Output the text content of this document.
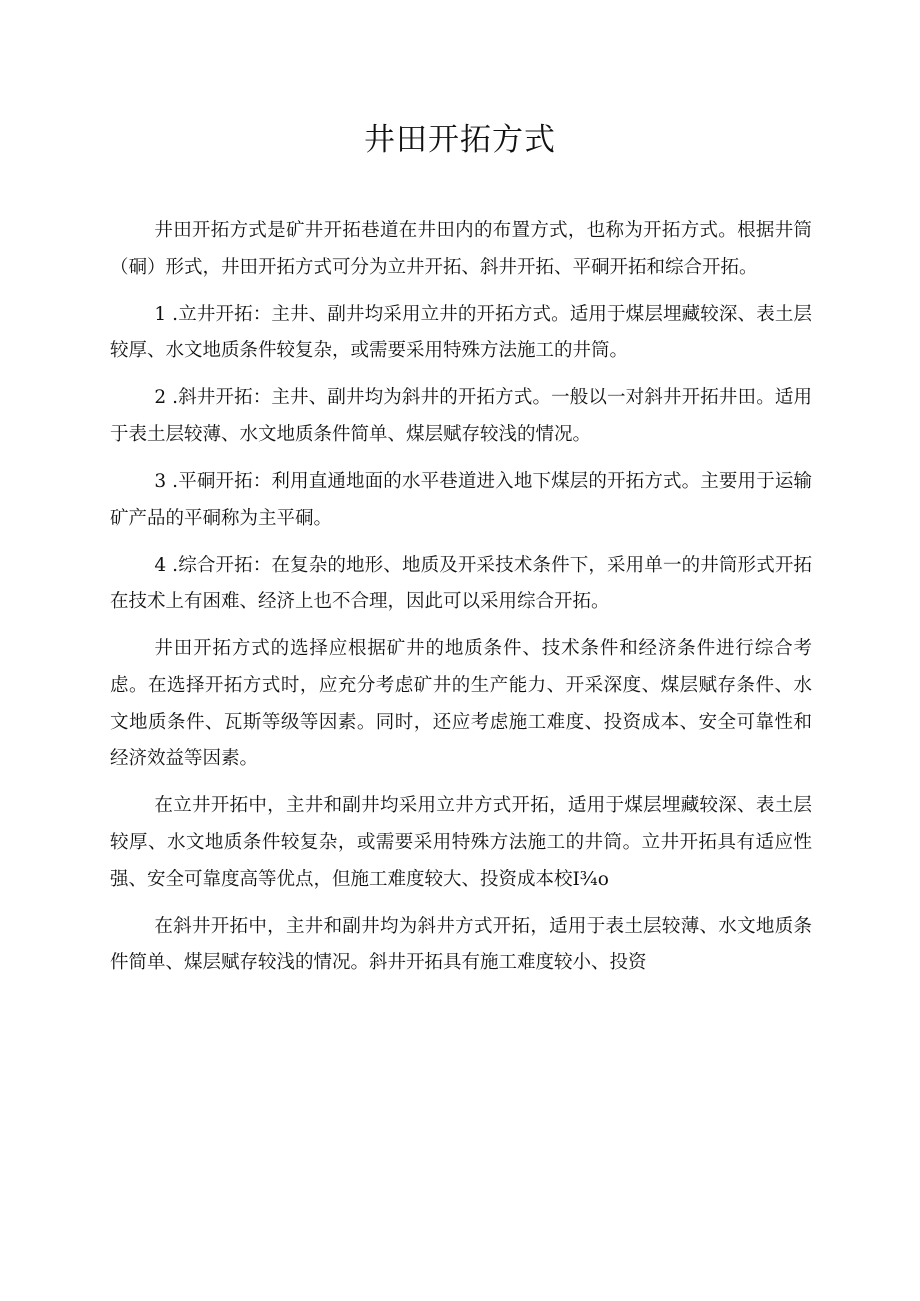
井田开拓方式

井田开拓方式是矿井开拓巷道在井田内的布置方式，也称为开拓方式。根据井筒（硐）形式，井田开拓方式可分为立井开拓、斜井开拓、平硐开拓和综合开拓。

1 .立井开拓：主井、副井均采用立井的开拓方式。适用于煤层埋藏较深、表土层较厚、水文地质条件较复杂，或需要采用特殊方法施工的井筒。

2 .斜井开拓：主井、副井均为斜井的开拓方式。一般以一对斜井开拓井田。适用于表土层较薄、水文地质条件简单、煤层赋存较浅的情况。

3 .平硐开拓：利用直通地面的水平巷道进入地下煤层的开拓方式。主要用于运输矿产品的平硐称为主平硐。

4 .综合开拓：在复杂的地形、地质及开采技术条件下，采用单一的井筒形式开拓在技术上有困难、经济上也不合理，因此可以采用综合开拓。

井田开拓方式的选择应根据矿井的地质条件、技术条件和经济条件进行综合考虑。在选择开拓方式时，应充分考虑矿井的生产能力、开采深度、煤层赋存条件、水文地质条件、瓦斯等级等因素。同时，还应考虑施工难度、投资成本、安全可靠性和经济效益等因素。

在立井开拓中，主井和副井均采用立井方式开拓，适用于煤层埋藏较深、表土层较厚、水文地质条件较复杂，或需要采用特殊方法施工的井筒。立井开拓具有适应性强、安全可靠度高等优点，但施工难度较大、投资成本校I¾o

在斜井开拓中，主井和副井均为斜井方式开拓，适用于表土层较薄、水文地质条件简单、煤层赋存较浅的情况。斜井开拓具有施工难度较小、投资
